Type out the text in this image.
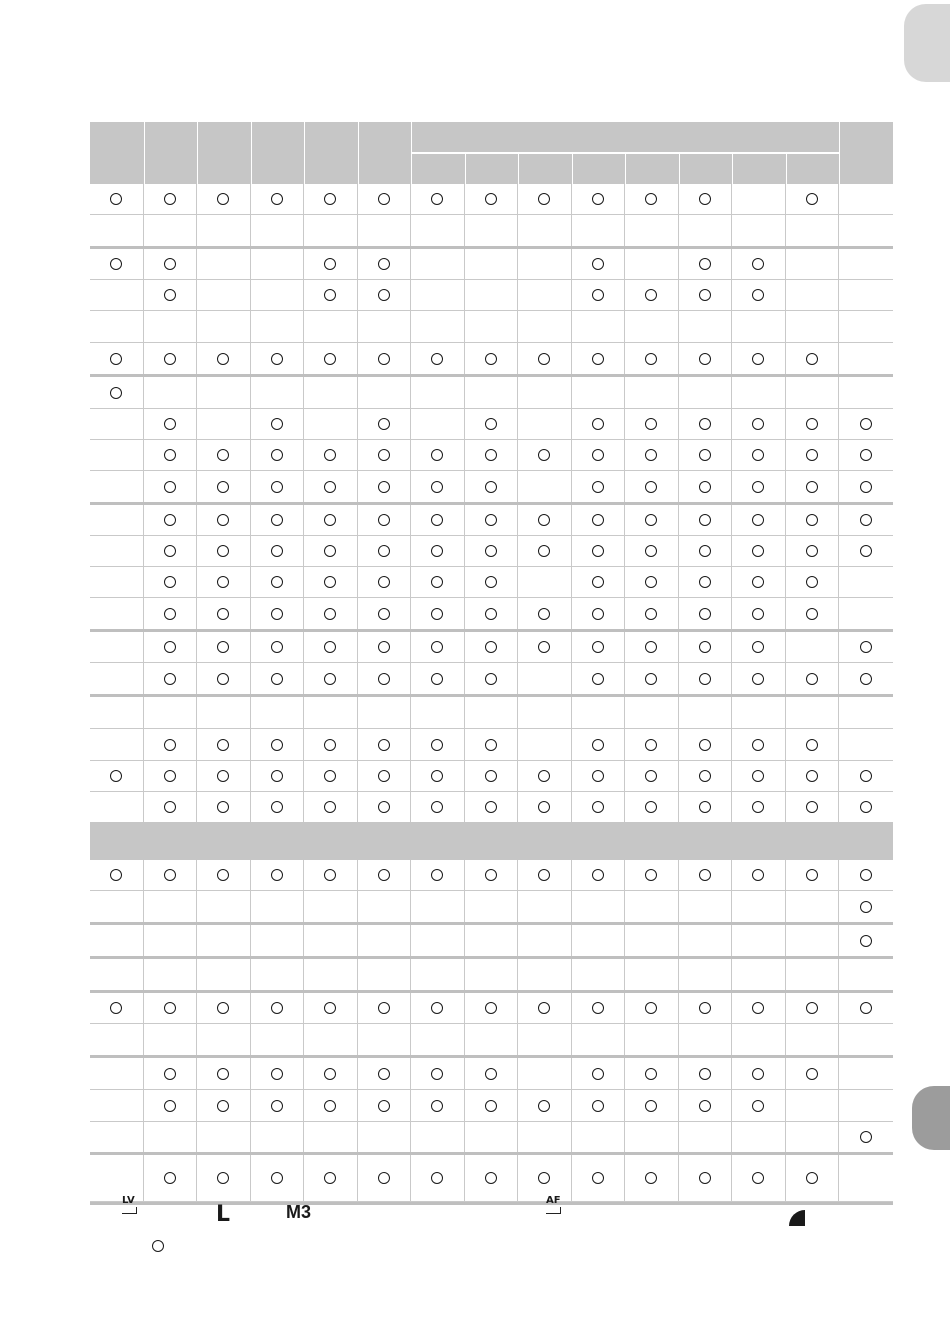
LV
L	M3
AF
